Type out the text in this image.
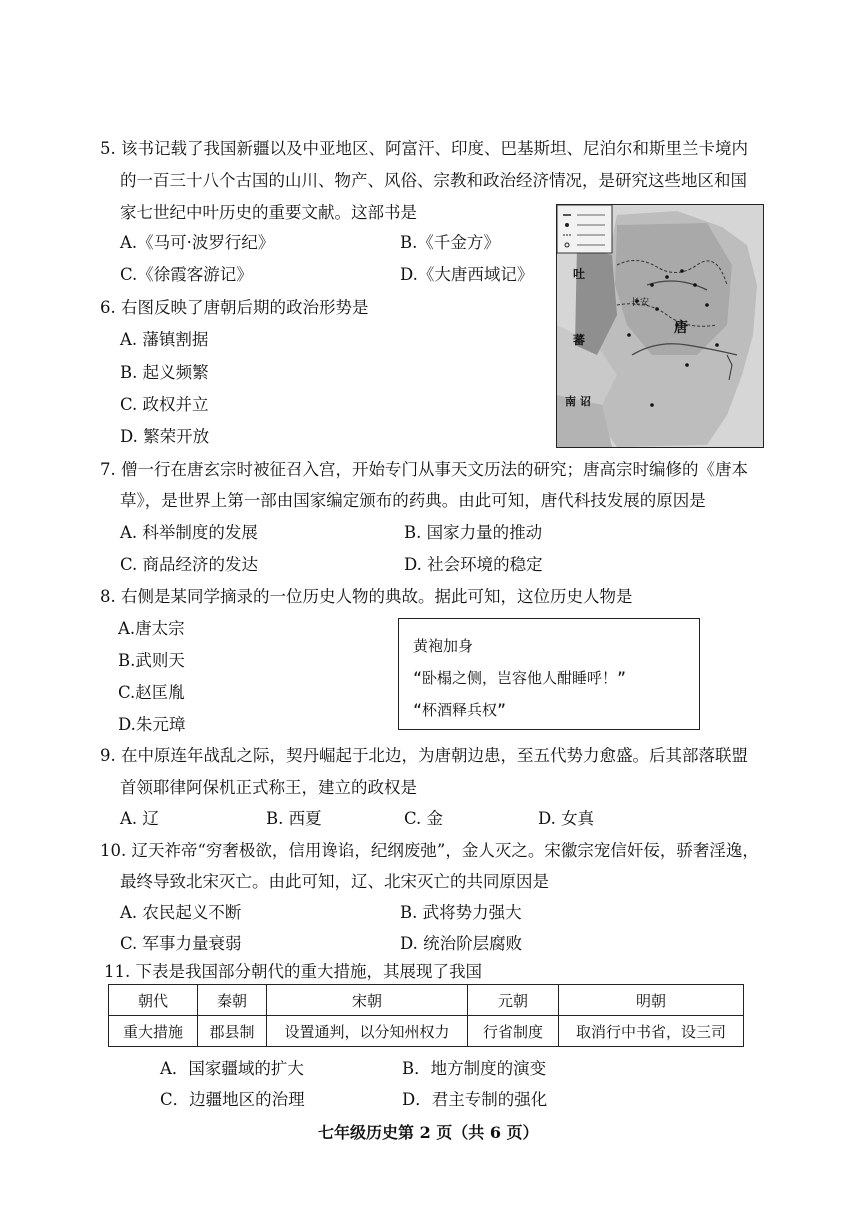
5. 该书记载了我国新疆以及中亚地区、阿富汗、印度、巴基斯坦、尼泊尔和斯里兰卡境内
的一百三十八个古国的山川、物产、风俗、宗教和政治经济情况，是研究这些地区和国
家七世纪中叶历史的重要文献。这部书是
A.《马可·波罗行纪》	B.《千金方》
C.《徐霞客游记》	D.《大唐西域记》	吐
蕃
唐
长安
南 诏
6. 右图反映了唐朝后期的政治形势是
A. 藩镇割据
B. 起义频繁
C. 政权并立
D. 繁荣开放
7. 僧一行在唐玄宗时被征召入宫，开始专门从事天文历法的研究；唐高宗时编修的《唐本
草》，是世界上第一部由国家编定颁布的药典。由此可知，唐代科技发展的原因是
A. 科举制度的发展	B. 国家力量的推动
C. 商品经济的发达	D. 社会环境的稳定
8. 右侧是某同学摘录的一位历史人物的典故。据此可知，这位历史人物是
A.唐太宗
B.武则天
C.赵匡胤
D.朱元璋
黄袍加身
“卧榻之侧，岂容他人酣睡呼！”
“杯酒释兵权”
9. 在中原连年战乱之际，契丹崛起于北边，为唐朝边患，至五代势力愈盛。后其部落联盟
首领耶律阿保机正式称王，建立的政权是
A. 辽	B. 西夏	C. 金	D. 女真
10. 辽天祚帝“穷奢极欲，信用谗谄，纪纲废弛”，金人灭之。宋徽宗宠信奸佞，骄奢淫逸，
最终导致北宋灭亡。由此可知，辽、北宋灭亡的共同原因是
A. 农民起义不断	B. 武将势力强大
C. 军事力量衰弱	D. 统治阶层腐败
11. 下表是我国部分朝代的重大措施，其展现了我国
朝代	秦朝	宋朝	元朝	明朝
重大措施	郡县制	设置通判，以分知州权力	行省制度	取消行中书省，设三司
A．国家疆域的扩大	B．地方制度的演变
C．边疆地区的治理	D．君主专制的强化
七年级历史第 2 页（共 6 页）
